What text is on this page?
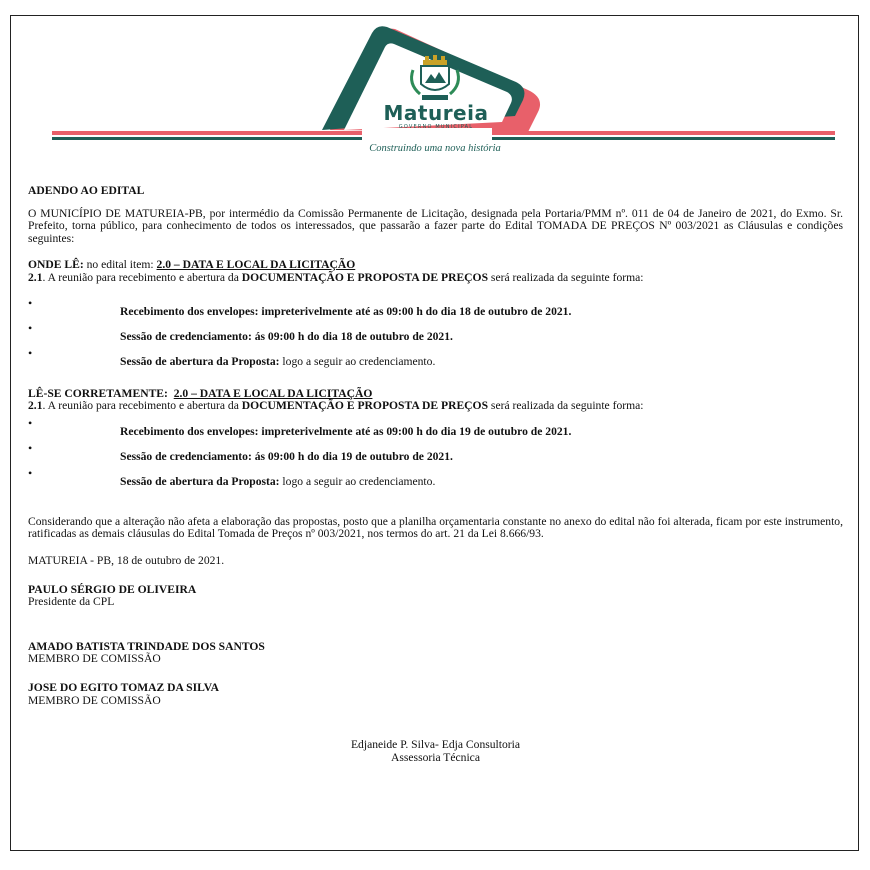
Matureia
GOVERNO MUNICIPAL
Construindo uma nova história

ADENDO AO EDITAL

O MUNICÍPIO DE MATUREIA-PB, por intermédio da Comissão Permanente de Licitação, designada pela Portaria/PMM nº. 011 de 04 de Janeiro de 2021, do Exmo. Sr. Prefeito, torna público, para conhecimento de todos os interessados, que passarão a fazer parte do Edital TOMADA DE PREÇOS Nº 003/2021 as Cláusulas e condições seguintes:

ONDE LÊ: no edital item: 2.0 – DATA E LOCAL DA LICITAÇÃO

2.1. A reunião para recebimento e abertura da DOCUMENTAÇÃO E PROPOSTA DE PREÇOS será realizada da seguinte forma:

•
Recebimento dos envelopes: impreterivelmente até as 09:00 h do dia 18 de outubro de 2021.
•
Sessão de credenciamento: ás 09:00 h do dia 18 de outubro de 2021.
•
Sessão de abertura da Proposta: logo a seguir ao credenciamento.

LÊ-SE CORRETAMENTE: 2.0 – DATA E LOCAL DA LICITAÇÃO

2.1. A reunião para recebimento e abertura da DOCUMENTAÇÃO E PROPOSTA DE PREÇOS será realizada da seguinte forma:

•
Recebimento dos envelopes: impreterivelmente até as 09:00 h do dia 19 de outubro de 2021.
•
Sessão de credenciamento: ás 09:00 h do dia 19 de outubro de 2021.
•
Sessão de abertura da Proposta: logo a seguir ao credenciamento.

Considerando que a alteração não afeta a elaboração das propostas, posto que a planilha orçamentaria constante no anexo do edital não foi alterada, ficam por este instrumento, ratificadas as demais cláusulas do Edital Tomada de Preços nº 003/2021, nos termos do art. 21 da Lei 8.666/93.

MATUREIA - PB, 18 de outubro de 2021.

PAULO SÉRGIO DE OLIVEIRA

Presidente da CPL

AMADO BATISTA TRINDADE DOS SANTOS

MEMBRO DE COMISSÃO

JOSE DO EGITO TOMAZ DA SILVA

MEMBRO DE COMISSÃO

Edjaneide P. Silva- Edja Consultoria

Assessoria Técnica
